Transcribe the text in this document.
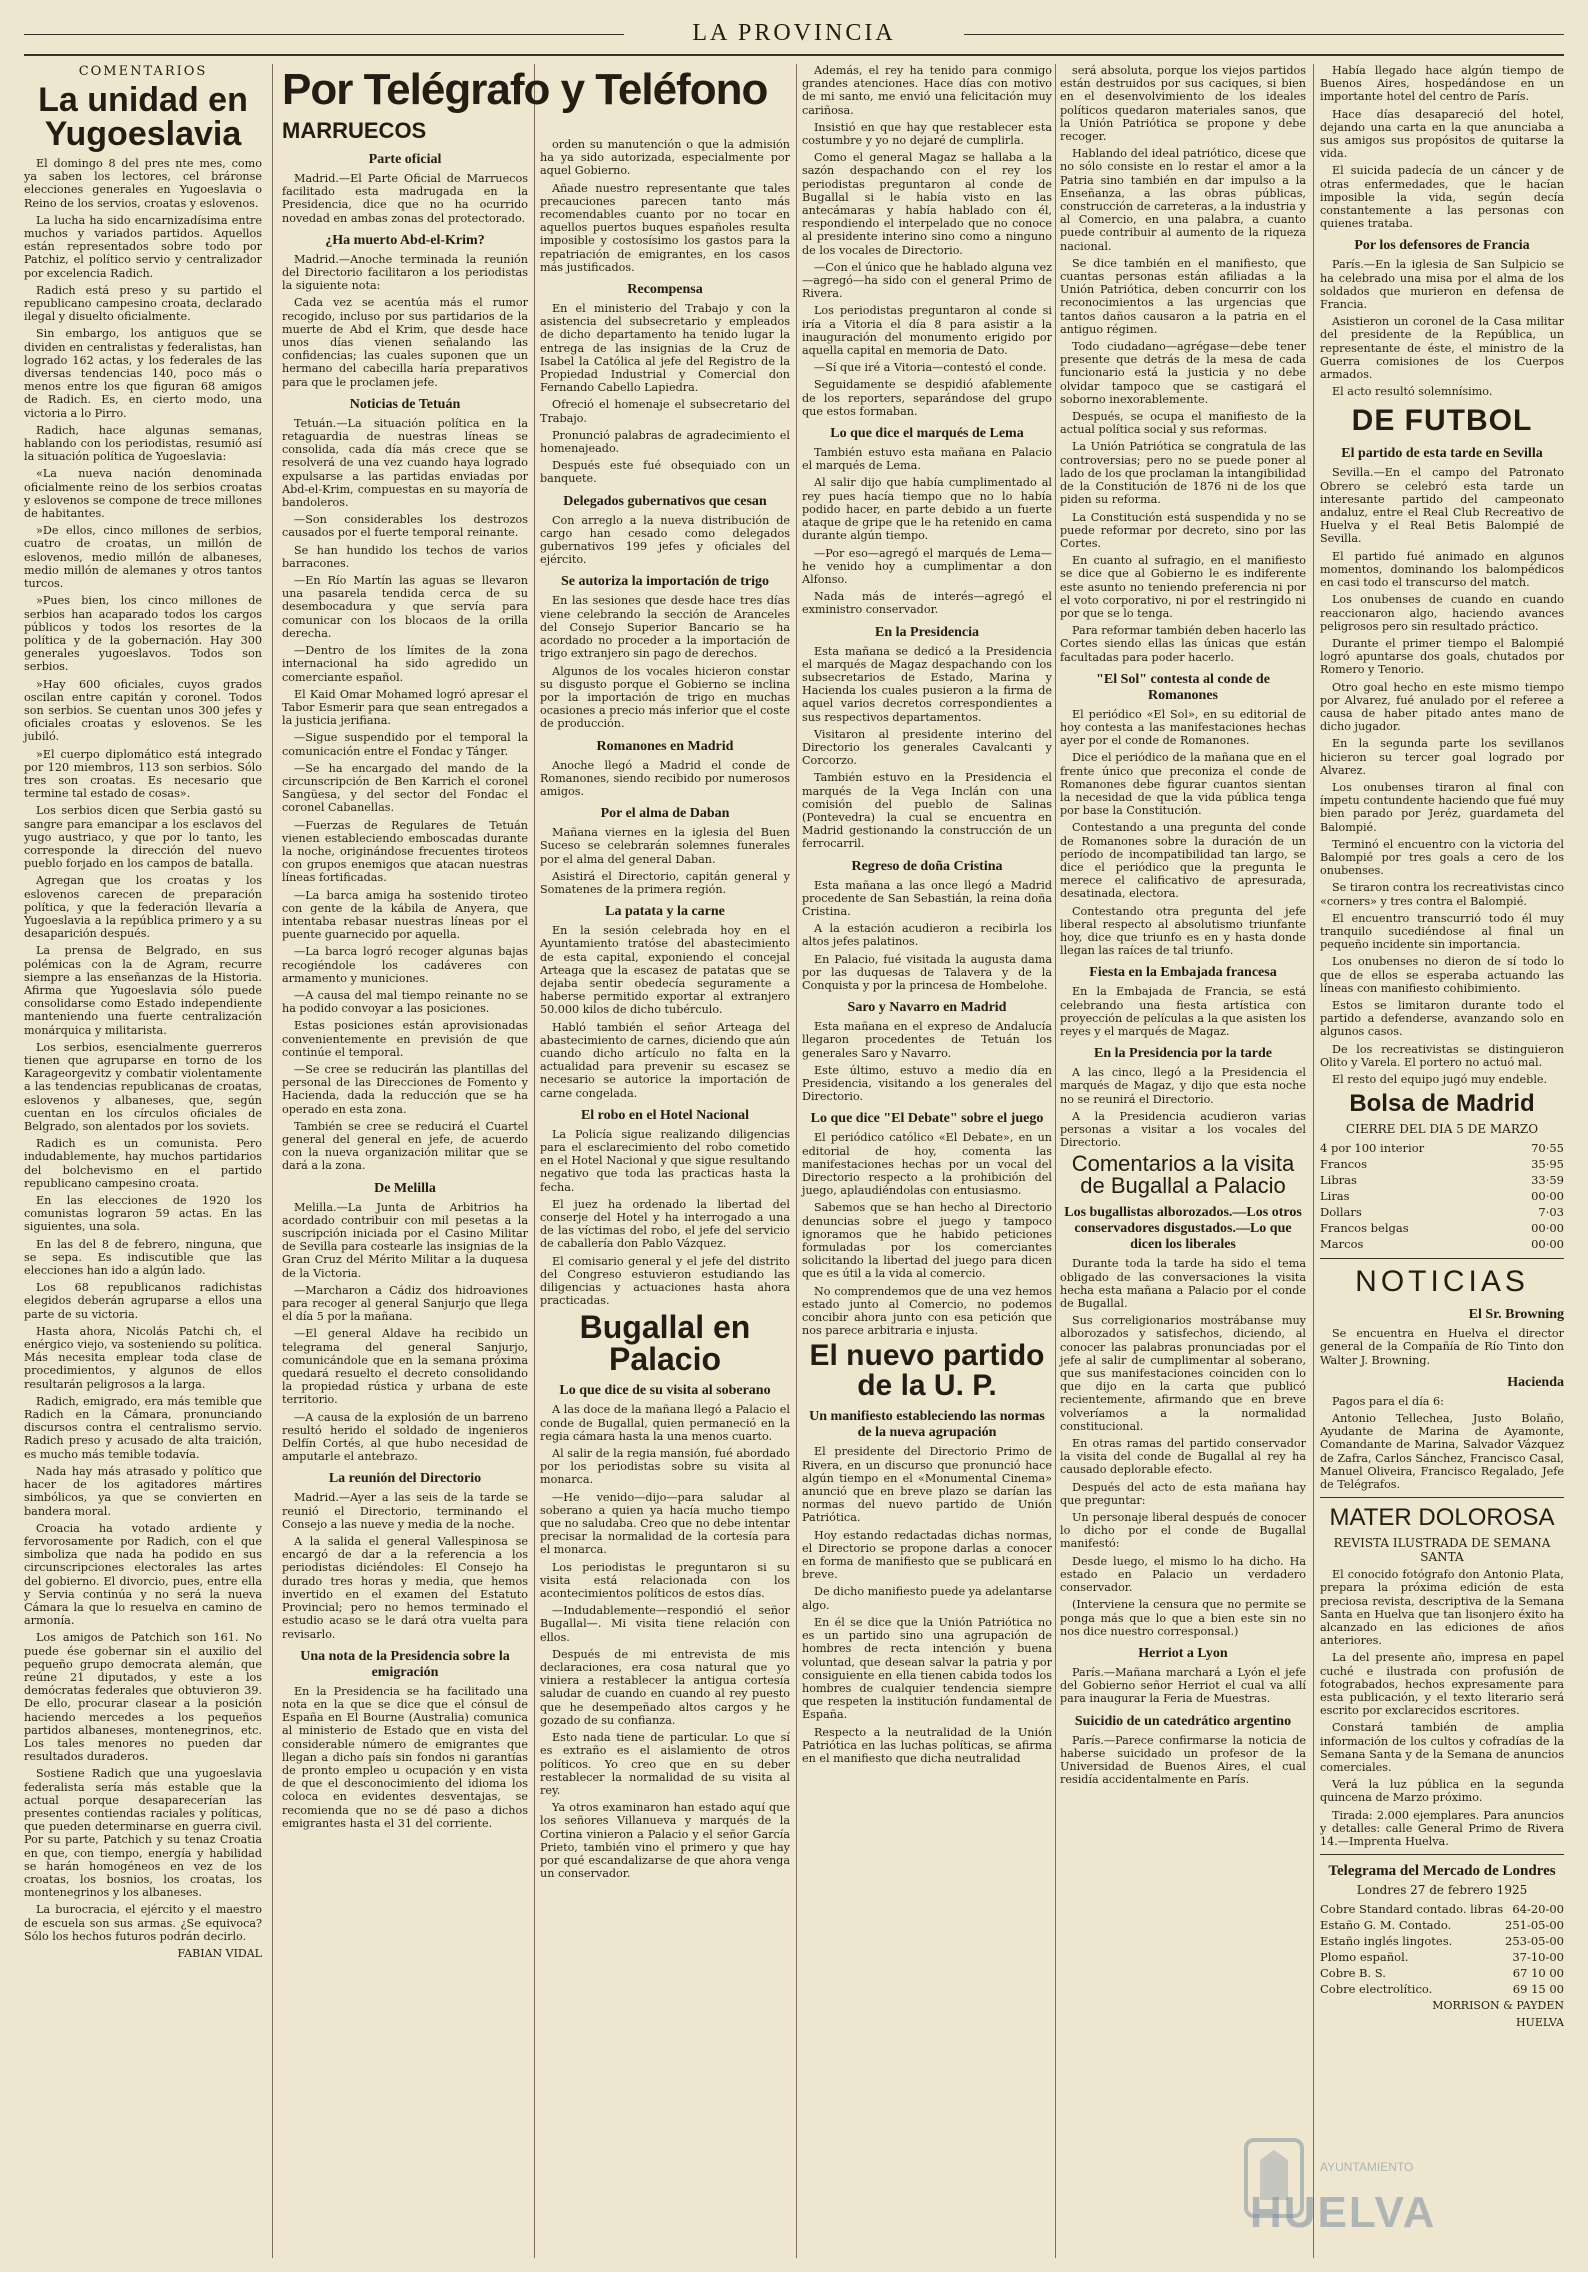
LA PROVINCIA
COMENTARIOS
La unidad en Yugoeslavia

El domingo 8 del pres nte mes, como ya saben los lectores, cel bráronse elecciones generales en Yugoeslavia o Reino de los servios, croatas y eslovenos.

La lucha ha sido encarnizadísima entre muchos y variados partidos. Aquellos están representados sobre todo por Patchiz, el político servio y centralizador por excelencia Radich.

Radich está preso y su partido el republicano campesino croata, declarado ilegal y disuelto oficialmente.

Sin embargo, los antiguos que se dividen en centralistas y federalistas, han logrado 162 actas, y los federales de las diversas tendencias 140, poco más o menos entre los que figuran 68 amigos de Radich. Es, en cierto modo, una victoria a lo Pirro.

Radich, hace algunas semanas, hablando con los periodistas, resumió así la situación política de Yugoeslavia:

«La nueva nación denominada oficialmente reino de los serbios croatas y eslovenos se compone de trece millones de habitantes.

»De ellos, cinco millones de serbios, cuatro de croatas, un millón de eslovenos, medio millón de albaneses, medio millón de alemanes y otros tantos turcos.

»Pues bien, los cinco millones de serbios han acaparado todos los cargos públicos y todos los resortes de la política y de la gobernación. Hay 300 generales yugoeslavos. Todos son serbios.

»Hay 600 oficiales, cuyos grados oscilan entre capitán y coronel. Todos son serbios. Se cuentan unos 300 jefes y oficiales croatas y eslovenos. Se les jubiló.

»El cuerpo diplomático está integrado por 120 miembros, 113 son serbios. Sólo tres son croatas. Es necesario que termine tal estado de cosas».

Los serbios dicen que Serbia gastó su sangre para emancipar a los esclavos del yugo austriaco, y que por lo tanto, les corresponde la dirección del nuevo pueblo forjado en los campos de batalla.

Agregan que los croatas y los eslovenos carecen de preparación política, y que la federación llevaría a Yugoeslavia a la república primero y a su desaparición después.

La prensa de Belgrado, en sus polémicas con la de Agram, recurre siempre a las enseñanzas de la Historia. Afirma que Yugoeslavia sólo puede consolidarse como Estado independiente manteniendo una fuerte centralización monárquica y militarista.

Los serbios, esencialmente guerreros tienen que agruparse en torno de los Karageorgevitz y combatir violentamente a las tendencias republicanas de croatas, eslovenos y albaneses, que, según cuentan en los círculos oficiales de Belgrado, son alentados por los soviets.

Radich es un comunista. Pero indudablemente, hay muchos partidarios del bolchevismo en el partido republicano campesino croata.

En las elecciones de 1920 los comunistas lograron 59 actas. En las siguientes, una sola.

En las del 8 de febrero, ninguna, que se sepa. Es indiscutible que las elecciones han ido a algún lado.

Los 68 republicanos radichistas elegidos deberán agruparse a ellos una parte de su victoria.

Hasta ahora, Nicolás Patchi ch, el enérgico viejo, va sosteniendo su política. Más necesita emplear toda clase de procedimientos, y algunos de ellos resultarán peligrosos a la larga.

Radich, emigrado, era más temible que Radich en la Cámara, pronunciando discursos contra el centralismo servio. Radich preso y acusado de alta traición, es mucho más temible todavía.

Nada hay más atrasado y político que hacer de los agitadores mártires simbólicos, ya que se convierten en bandera moral.

Croacia ha votado ardiente y fervorosamente por Radich, con el que simboliza que nada ha podido en sus circunscripciones electorales las artes del gobierno. El divorcio, pues, entre ella y Servia continúa y no será la nueva Cámara la que lo resuelva en camino de armonía.

Los amigos de Patchich son 161. No puede ése gobernar sin el auxilio del pequeño grupo democrata alemán, que reúne 21 diputados, y este a los demócratas federales que obtuvieron 39. De ello, procurar clasear a la posición haciendo mercedes a los pequeños partidos albaneses, montenegrinos, etc. Los tales menores no pueden dar resultados duraderos.

Sostiene Radich que una yugoeslavia federalista sería más estable que la actual porque desaparecerían las presentes contiendas raciales y políticas, que pueden determinarse en guerra civil. Por su parte, Patchich y su tenaz Croatia en que, con tiempo, energía y habilidad se harán homogéneos en vez de los croatas, los bosnios, los croatas, los montenegrinos y los albaneses.

La burocracia, el ejército y el maestro de escuela son sus armas. ¿Se equivoca? Sólo los hechos futuros podrán decirlo.

FABIAN VIDAL
Por Telégrafo y Teléfono
MARRUECOS
Parte oficial

Madrid.—El Parte Oficial de Marruecos facilitado esta madrugada en la Presidencia, dice que no ha ocurrido novedad en ambas zonas del protectorado.

¿Ha muerto Abd-el-Krim?

Madrid.—Anoche terminada la reunión del Directorio facilitaron a los periodistas la siguiente nota:

Cada vez se acentúa más el rumor recogido, incluso por sus partidarios de la muerte de Abd el Krim, que desde hace unos días vienen señalando las confidencias; las cuales suponen que un hermano del cabecilla haría preparativos para que le proclamen jefe.

Noticias de Tetuán

Tetuán.—La situación política en la retaguardia de nuestras líneas se consolida, cada día más crece que se resolverá de una vez cuando haya logrado expulsarse a las partidas enviadas por Abd-el-Krim, compuestas en su mayoría de bandoleros.

—Son considerables los destrozos causados por el fuerte temporal reinante.

Se han hundido los techos de varios barracones.

—En Río Martín las aguas se llevaron una pasarela tendida cerca de su desembocadura y que servía para comunicar con los blocaos de la orilla derecha.

—Dentro de los límites de la zona internacional ha sido agredido un comerciante español.

El Kaid Omar Mohamed logró apresar el Tabor Esmerir para que sean entregados a la justicia jerifiana.

—Sigue suspendido por el temporal la comunicación entre el Fondac y Tánger.

—Se ha encargado del mando de la circunscripción de Ben Karrich el coronel Sangüesa, y del sector del Fondac el coronel Cabanellas.

—Fuerzas de Regulares de Tetuán vienen estableciendo emboscadas durante la noche, originándose frecuentes tiroteos con grupos enemigos que atacan nuestras líneas fortificadas.

—La barca amiga ha sostenido tiroteo con gente de la kábila de Anyera, que intentaba rebasar nuestras líneas por el puente guarnecido por aquella.

—La barca logró recoger algunas bajas recogiéndole los cadáveres con armamento y municiones.

—A causa del mal tiempo reinante no se ha podido convoyar a las posiciones.

Estas posiciones están aprovisionadas convenientemente en previsión de que continúe el temporal.

—Se cree se reducirán las plantillas del personal de las Direcciones de Fomento y Hacienda, dada la reducción que se ha operado en esta zona.

También se cree se reducirá el Cuartel general del general en jefe, de acuerdo con la nueva organización militar que se dará a la zona.

De Melilla

Melilla.—La Junta de Arbitrios ha acordado contribuir con mil pesetas a la suscripción iniciada por el Casino Militar de Sevilla para costearle las insignias de la Gran Cruz del Mérito Militar a la duquesa de la Victoria.

—Marcharon a Cádiz dos hidroaviones para recoger al general Sanjurjo que llega el día 5 por la mañana.

—El general Aldave ha recibido un telegrama del general Sanjurjo, comunicándole que en la semana próxima quedará resuelto el decreto consolidando la propiedad rústica y urbana de este territorio.

—A causa de la explosión de un barreno resultó herido el soldado de ingenieros Delfín Cortés, al que hubo necesidad de amputarle el antebrazo.

La reunión del Directorio

Madrid.—Ayer a las seis de la tarde se reunió el Directorio, terminando el Consejo a las nueve y media de la noche.

A la salida el general Vallespinosa se encargó de dar a la referencia a los periodistas diciéndoles: El Consejo ha durado tres horas y media, que hemos invertido en el examen del Estatuto Provincial; pero no hemos terminado el estudio acaso se le dará otra vuelta para revisarlo.

Una nota de la Presidencia sobre la emigración

En la Presidencia se ha facilitado una nota en la que se dice que el cónsul de España en El Bourne (Australia) comunica al ministerio de Estado que en vista del considerable número de emigrantes que llegan a dicho país sin fondos ni garantías de pronto empleo u ocupación y en vista de que el desconocimiento del idioma los coloca en evidentes desventajas, se recomienda que no se dé paso a dichos emigrantes hasta el 31 del corriente.

orden su manutención o que la admisión ha ya sido autorizada, especialmente por aquel Gobierno.

Añade nuestro representante que tales precauciones parecen tanto más recomendables cuanto por no tocar en aquellos puertos buques españoles resulta imposible y costosísimo los gastos para la repatriación de emigrantes, en los casos más justificados.

Recompensa

En el ministerio del Trabajo y con la asistencia del subsecretario y empleados de dicho departamento ha tenido lugar la entrega de las insignias de la Cruz de Isabel la Católica al jefe del Registro de la Propiedad Industrial y Comercial don Fernando Cabello Lapiedra.

Ofreció el homenaje el subsecretario del Trabajo.

Pronunció palabras de agradecimiento el homenajeado.

Después este fué obsequiado con un banquete.

Delegados gubernativos que cesan

Con arreglo a la nueva distribución de cargo han cesado como delegados gubernativos 199 jefes y oficiales del ejército.

Se autoriza la importación de trigo

En las sesiones que desde hace tres días viene celebrando la sección de Aranceles del Consejo Superior Bancario se ha acordado no proceder a la importación de trigo extranjero sin pago de derechos.

Algunos de los vocales hicieron constar su disgusto porque el Gobierno se inclina por la importación de trigo en muchas ocasiones a precio más inferior que el coste de producción.

Romanones en Madrid

Anoche llegó a Madrid el conde de Romanones, siendo recibido por numerosos amigos.

Por el alma de Daban

Mañana viernes en la iglesia del Buen Suceso se celebrarán solemnes funerales por el alma del general Daban.

Asistirá el Directorio, capitán general y Somatenes de la primera región.

La patata y la carne

En la sesión celebrada hoy en el Ayuntamiento tratóse del abastecimiento de esta capital, exponiendo el concejal Arteaga que la escasez de patatas que se dejaba sentir obedecía seguramente a haberse permitido exportar al extranjero 50.000 kilos de dicho tubérculo.

Habló también el señor Arteaga del abastecimiento de carnes, diciendo que aún cuando dicho artículo no falta en la actualidad para prevenir su escasez se necesario se autorice la importación de carne congelada.

El robo en el Hotel Nacional

La Policía sigue realizando diligencias para el esclarecimiento del robo cometido en el Hotel Nacional y que sigue resultando negativo que toda las practicas hasta la fecha.

El juez ha ordenado la libertad del conserje del Hotel y ha interrogado a una de las víctimas del robo, el jefe del servicio de caballería don Pablo Vázquez.

El comisario general y el jefe del distrito del Congreso estuvieron estudiando las diligencias y actuaciones hasta ahora practicadas.

Bugallal en Palacio
Lo que dice de su visita al soberano

A las doce de la mañana llegó a Palacio el conde de Bugallal, quien permaneció en la regia cámara hasta la una menos cuarto.

Al salir de la regia mansión, fué abordado por los periodistas sobre su visita al monarca.

—He venido—dijo—para saludar al soberano a quien ya hacía mucho tiempo que no saludaba. Creo que no debe intentar precisar la normalidad de la cortesía para el monarca.

Los periodistas le preguntaron si su visita está relacionada con los acontecimientos políticos de estos días.

—Indudablemente—respondió el señor Bugallal—. Mi visita tiene relación con ellos.

Después de mi entrevista de mis declaraciones, era cosa natural que yo viniera a restablecer la antigua cortesía saludar de cuando en cuando al rey puesto que he desempeñado altos cargos y he gozado de su confianza.

Esto nada tiene de particular. Lo que sí es extraño es el aislamiento de otros políticos. Yo creo que en su deber restablecer la normalidad de su visita al rey.

Ya otros examinaron han estado aquí que los señores Villanueva y marqués de la Cortina vinieron a Palacio y el señor García Prieto, también vino el primero y que hay por qué escandalizarse de que ahora venga un conservador.

Además, el rey ha tenido para conmigo grandes atenciones. Hace días con motivo de mi santo, me envió una felicitación muy cariñosa.

Insistió en que hay que restablecer esta costumbre y yo no dejaré de cumplirla.

Como el general Magaz se hallaba a la sazón despachando con el rey los periodistas preguntaron al conde de Bugallal si le había visto en las antecámaras y había hablado con él, respondiendo el interpelado que no conoce al presidente interino sino como a ninguno de los vocales de Directorio.

—Con el único que he hablado alguna vez—agregó—ha sido con el general Primo de Rivera.

Los periodistas preguntaron al conde si iría a Vitoria el día 8 para asistir a la inauguración del monumento erigido por aquella capital en memoria de Dato.

—Sí que iré a Vitoria—contestó el conde.

Seguidamente se despidió afablemente de los reporters, separándose del grupo que estos formaban.

Lo que dice el marqués de Lema

También estuvo esta mañana en Palacio el marqués de Lema.

Al salir dijo que había cumplimentado al rey pues hacía tiempo que no lo había podido hacer, en parte debido a un fuerte ataque de gripe que le ha retenido en cama durante algún tiempo.

—Por eso—agregó el marqués de Lema—he venido hoy a cumplimentar a don Alfonso.

Nada más de interés—agregó el exministro conservador.

En la Presidencia

Esta mañana se dedicó a la Presidencia el marqués de Magaz despachando con los subsecretarios de Estado, Marina y Hacienda los cuales pusieron a la firma de aquel varios decretos correspondientes a sus respectivos departamentos.

Visitaron al presidente interino del Directorio los generales Cavalcanti y Corcorzo.

También estuvo en la Presidencia el marqués de la Vega Inclán con una comisión del pueblo de Salinas (Pontevedra) la cual se encuentra en Madrid gestionando la construcción de un ferrocarril.

Regreso de doña Cristina

Esta mañana a las once llegó a Madrid procedente de San Sebastián, la reina doña Cristina.

A la estación acudieron a recibirla los altos jefes palatinos.

En Palacio, fué visitada la augusta dama por las duquesas de Talavera y de la Conquista y por la princesa de Hombelohe.

Saro y Navarro en Madrid

Esta mañana en el expreso de Andalucía llegaron procedentes de Tetuán los generales Saro y Navarro.

Este último, estuvo a medio día en Presidencia, visitando a los generales del Directorio.

Lo que dice "El Debate" sobre el juego

El periódico católico «El Debate», en un editorial de hoy, comenta las manifestaciones hechas por un vocal del Directorio respecto a la prohibición del juego, aplaudiéndolas con entusiasmo.

Sabemos que se han hecho al Directorio denuncias sobre el juego y tampoco ignoramos que he habido peticiones formuladas por los comerciantes solicitando la libertad del juego para dicen que es útil a la vida al comercio.

No comprendemos que de una vez hemos estado junto al Comercio, no podemos concibir ahora junto con esa petición que nos parece arbitraria e injusta.

El nuevo partido de la U. P.
Un manifiesto estableciendo las normas de la nueva agrupación

El presidente del Directorio Primo de Rivera, en un discurso que pronunció hace algún tiempo en el «Monumental Cinema» anunció que en breve plazo se darían las normas del nuevo partido de Unión Patriótica.

Hoy estando redactadas dichas normas, el Directorio se propone darlas a conocer en forma de manifiesto que se publicará en breve.

De dicho manifiesto puede ya adelantarse algo.

En él se dice que la Unión Patriótica no es un partido sino una agrupación de hombres de recta intención y buena voluntad, que desean salvar la patria y por consiguiente en ella tienen cabida todos los hombres de cualquier tendencia siempre que respeten la institución fundamental de España.

Respecto a la neutralidad de la Unión Patriótica en las luchas políticas, se afirma en el manifiesto que dicha neutralidad

será absoluta, porque los viejos partidos están destruidos por sus caciques, si bien en el desenvolvimiento de los ideales políticos quedaron materiales sanos, que la Unión Patriótica se propone y debe recoger.

Hablando del ideal patriótico, dicese que no sólo consiste en lo restar el amor a la Patria sino también en dar impulso a la Enseñanza, a las obras públicas, construcción de carreteras, a la industria y al Comercio, en una palabra, a cuanto puede contribuir al aumento de la riqueza nacional.

Se dice también en el manifiesto, que cuantas personas están afiliadas a la Unión Patriótica, deben concurrir con los reconocimientos a las urgencias que tantos daños causaron a la patria en el antiguo régimen.

Todo ciudadano—agrégase—debe tener presente que detrás de la mesa de cada funcionario está la justicia y no debe olvidar tampoco que se castigará el soborno inexorablemente.

Después, se ocupa el manifiesto de la actual política social y sus reformas.

La Unión Patriótica se congratula de las controversias; pero no se puede poner al lado de los que proclaman la intangibilidad de la Constitución de 1876 ni de los que piden su reforma.

La Constitución está suspendida y no se puede reformar por decreto, sino por las Cortes.

En cuanto al sufragio, en el manifiesto se dice que al Gobierno le es indiferente este asunto no teniendo preferencia ni por el voto corporativo, ni por el restringido ni por que se lo tenga.

Para reformar también deben hacerlo las Cortes siendo ellas las únicas que están facultadas para poder hacerlo.

"El Sol" contesta al conde de Romanones

El periódico «El Sol», en su editorial de hoy contesta a las manifestaciones hechas ayer por el conde de Romanones.

Dice el periódico de la mañana que en el frente único que preconiza el conde de Romanones debe figurar cuantos sientan la necesidad de que la vida pública tenga por base la Constitución.

Contestando a una pregunta del conde de Romanones sobre la duración de un período de incompatibilidad tan largo, se dice el periódico que la pregunta le merece el calificativo de apresurada, desatinada, electora.

Contestando otra pregunta del jefe liberal respecto al absolutismo triunfante hoy, dice que triunfo es en y hasta donde llegan las raíces de tal triunfo.

Fiesta en la Embajada francesa

En la Embajada de Francia, se está celebrando una fiesta artística con proyección de películas a la que asisten los reyes y el marqués de Magaz.

En la Presidencia por la tarde

A las cinco, llegó a la Presidencia el marqués de Magaz, y dijo que esta noche no se reunirá el Directorio.

A la Presidencia acudieron varias personas a visitar a los vocales del Directorio.

Comentarios a la visita de Bugallal a Palacio
Los bugallistas alborozados.—Los otros conservadores disgustados.—Lo que dicen los liberales

Durante toda la tarde ha sido el tema obligado de las conversaciones la visita hecha esta mañana a Palacio por el conde de Bugallal.

Sus correligionarios mostrábanse muy alborozados y satisfechos, diciendo, al conocer las palabras pronunciadas por el jefe al salir de cumplimentar al soberano, que sus manifestaciones coinciden con lo que dijo en la carta que publicó recientemente, afirmando que en breve volveríamos a la normalidad constitucional.

En otras ramas del partido conservador la visita del conde de Bugallal al rey ha causado deplorable efecto.

Después del acto de esta mañana hay que preguntar:

Un personaje liberal después de conocer lo dicho por el conde de Bugallal manifestó:

Desde luego, el mismo lo ha dicho. Ha estado en Palacio un verdadero conservador.

(Interviene la censura que no permite se ponga más que lo que a bien este sin no nos dice nuestro corresponsal.)

Herriot a Lyon

París.—Mañana marchará a Lyón el jefe del Gobierno señor Herriot el cual va allí para inaugurar la Feria de Muestras.

Suicidio de un catedrático argentino

París.—Parece confirmarse la noticia de haberse suicidado un profesor de la Universidad de Buenos Aires, el cual residía accidentalmente en París.

Había llegado hace algún tiempo de Buenos Aires, hospedándose en un importante hotel del centro de París.

Hace días desapareció del hotel, dejando una carta en la que anunciaba a sus amigos sus propósitos de quitarse la vida.

El suicida padecía de un cáncer y de otras enfermedades, que le hacían imposible la vida, según decía constantemente a las personas con quienes trataba.

Por los defensores de Francia

París.—En la iglesia de San Sulpicio se ha celebrado una misa por el alma de los soldados que murieron en defensa de Francia.

Asistieron un coronel de la Casa militar del presidente de la República, un representante de éste, el ministro de la Guerra comisiones de los Cuerpos armados.

El acto resultó solemnísimo.

DE FUTBOL
El partido de esta tarde en Sevilla

Sevilla.—En el campo del Patronato Obrero se celebró esta tarde un interesante partido del campeonato andaluz, entre el Real Club Recreativo de Huelva y el Real Betis Balompié de Sevilla.

El partido fué animado en algunos momentos, dominando los balompédicos en casi todo el transcurso del match.

Los onubenses de cuando en cuando reaccionaron algo, haciendo avances peligrosos pero sin resultado práctico.

Durante el primer tiempo el Balompié logró apuntarse dos goals, chutados por Romero y Tenorio.

Otro goal hecho en este mismo tiempo por Alvarez, fué anulado por el referee a causa de haber pitado antes mano de dicho jugador.

En la segunda parte los sevillanos hicieron su tercer goal logrado por Alvarez.

Los onubenses tiraron al final con ímpetu contundente haciendo que fué muy bien parado por Jeréz, guardameta del Balompié.

Terminó el encuentro con la victoria del Balompié por tres goals a cero de los onubenses.

Se tiraron contra los recreativistas cinco «corners» y tres contra el Balompié.

El encuentro transcurrió todo él muy tranquilo sucediéndose al final un pequeño incidente sin importancia.

Los onubenses no dieron de sí todo lo que de ellos se esperaba actuando las líneas con manifiesto cohibimiento.

Estos se limitaron durante todo el partido a defenderse, avanzando solo en algunos casos.

De los recreativistas se distinguieron Olito y Varela. El portero no actuó mal.

El resto del equipo jugó muy endeble.

Bolsa de Madrid
CIERRE DEL DIA 5 DE MARZO
4 por 100 interior	70·55
Francos	35·95
Libras	33·59
Liras	00·00
Dollars	7·03
Francos belgas	00·00
Marcos	00·00
NOTICIAS
El Sr. Browning

Se encuentra en Huelva el director general de la Compañía de Río Tinto don Walter J. Browning.

Hacienda

Pagos para el día 6:

Antonio Tellechea, Justo Bolaño, Ayudante de Marina de Ayamonte, Comandante de Marina, Salvador Vázquez de Zafra, Carlos Sánchez, Francisco Casal, Manuel Oliveira, Francisco Regalado, Jefe de Telégrafos.

MATER DOLOROSA
REVISTA ILUSTRADA DE SEMANA SANTA

El conocido fotógrafo don Antonio Plata, prepara la próxima edición de esta preciosa revista, descriptiva de la Semana Santa en Huelva que tan lisonjero éxito ha alcanzado en las ediciones de años anteriores.

La del presente año, impresa en papel cuché e ilustrada con profusión de fotograbados, hechos expresamente para esta publicación, y el texto literario será escrito por exclarecidos escritores.

Constará también de amplia información de los cultos y cofradías de la Semana Santa y de la Semana de anuncios comerciales.

Verá la luz pública en la segunda quincena de Marzo próximo.

Tirada: 2.000 ejemplares. Para anuncios y detalles: calle General Primo de Rivera 14.—Imprenta Huelva.

Telegrama del Mercado de Londres
Londres 27 de febrero 1925
Cobre Standard contado. libras	64-20-00
Estaño G. M. Contado.	251-05-00
Estaño inglés lingotes.	253-05-00
Plomo español.	37-10-00
Cobre B. S.	67 10 00
Cobre electrolítico.	69 15 00
MORRISON & PAYDEN
HUELVA
AYUNTAMIENTO
HUELVA
